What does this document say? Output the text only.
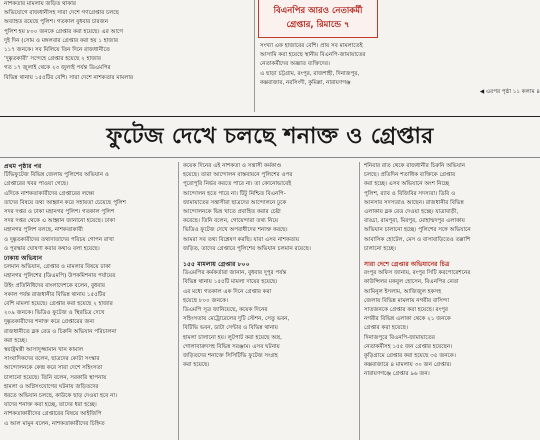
নাশকতার মামলায় জড়িত থাকার

অভিযোগে রাজধানীসহ সারা দেশে গণগ্রেপ্তার চলছে

অব্যাহত রয়েছে পুলিশ। গতকাল বুধবার চারজন

পুলিশ হয় ৮০০ জনকে গ্রেপ্তার করা হয়েছে। এর আগে

দুই দিন (সোম ও মঙ্গলবার গ্রেপ্তার করা হয় ১ হাজার

১১৭ জনকে। সব মিলিয়ে তিন দিনে রাজধানীতে

‘দুষ্কৃতকারী’ সন্দেহে গ্রেপ্তার হয়েছে ২ হাজার

গত ১৭ জুলাই থেকে ২৩ জুলাই পর্যন্ত ডিএমপির

বিভিন্ন থানায় ১৫৫টির বেশি। সারা দেশে নাশকতার মামলার

বিএনপির আরও নেতাকর্মী
গ্রেপ্তার, রিমান্ডে ৭

সংখ্যা এক হাজারের বেশি। প্রায় সব মামলাতেই

আসামি করা হয়েছে স্থানীয় বিএনপি-জামায়াতের

নেতাকর্মীদের অজ্ঞাত ব্যক্তিদের।

এ ছাড়া চট্টগ্রাম, রংপুর, রাজশাহী, দিনাজপুর,

কক্সবাজার, নরসিংদী, কুমিল্লা, নারায়ণগঞ্জ

◀ এরপর পৃষ্ঠা ১১ কলাম ৪

ফুটেজ দেখে চলছে শনাক্ত ও গ্রেপ্তার

প্রথম পৃষ্ঠার পর

টিভিফুটেজ বিভিন্ন জেলায় পুলিশের অভিযান ও

গ্রেপ্তারের খবর পাওয়া গেছে।

এদিকে নাশকতাকারীদের গ্রেপ্তারের লক্ষ্যে

তাদের বিষয়ে তথ্য আহ্বান করে সহায়তা চেয়েছে পুলিশ

সদর দপ্তর ও ঢাকা মহানগর পুলিশ। গতকাল পুলিশ

সদর দপ্তর থেকে এ আহ্বান জানানো হয়েছে। ঢাকা

মহানগর পুলিশ বলছে, নাশকতাকারী

ও দুষ্কৃতকারীদের তথ্যদাতাদের পরিচয় গোপন রাখা

ও পুরস্কার ঘোষণা করার কথাও বলা হয়েছে।

ঢাকায় অভিযান

চলমান অভিযান, গ্রেপ্তার ও মামলার বিষয়ে ঢাকা

মহানগর পুলিশের (ডিএমপি) উপকমিশনার পর্যায়ের

উইং প্রতিনিধিদের বাংলাদেশকে বলেন, বুধবার

সকাল পর্যন্ত রাজধানীর বিভিন্ন থানায় ১৫৫টির

বেশি মামলা হয়েছে। গ্রেপ্তার করা হয়েছে ২ হাজার

২০৯ জনকে। ভিডিও ফুটেজ ও স্থিরচিত্র দেখে

দুষ্কৃতকারীদের শনাক্ত করে গ্রেপ্তারের জন্য

রাজধানীতে ব্লক রেড ও চিরুনি অভিযান পরিচালনা

করা হচ্ছে।

স্বরাষ্ট্রমন্ত্রী আসাদুজ্জামান খান কামাল

সাংবাদিকদের বলেন, ছাত্রদের কোটা সংস্কার

আন্দোলনকে কেন্দ্র করে সারা দেশে সহিংসতা

চালানো হয়েছে। তিনি বলেন, সরকারি স্থাপনায়

হামলা ও অগ্নিসংযোগের ঘটনায় জড়িতদের

ধরতে অভিযান চলছে, কাউকে ছাড় দেওয়া হবে না।

যাদের শনাক্ত করা হচ্ছে, তাদের ধরা হচ্ছে।

নাশকতাকারীদের গ্রেপ্তারের বিষয়ে আইজিপি

এ আল মামুন বলেন, নাশকতাকারীদের চিহ্নিত

কয়েক দিনের এই নাশকতা ও সন্ত্রাসী কর্মকাণ্ড

হয়েছে। তারা আন্দোলন বাস্তবায়নে পুলিশের ওপর

পুরোপুরি নির্ভর করতে পারে না। তা কোনোভাবেই

আন্দোলন হতে পারে না। টিটু নিশ্চিত বিএনপি-

জামায়াতের সন্ত্রাসীরা ছাত্রদের আন্দোলনে ঢুকে

আন্দোলনকে ভিন্ন খাতে প্রবাহিত করার চেষ্টা

করেছে। তিনি বলেন, গোয়েন্দারা তথ্য নিয়ে

ভিডিও ফুটেজ দেখে অপরাধীদের শনাক্ত করছে।

আমরা সব তথ্য বিশ্লেষণ করছি। যারা এসব নাশকতায়

জড়িত, তাদের গ্রেপ্তারে পুলিশের অভিযান চলমান রয়েছে।

১৫৫ মামলায় গ্রেপ্তার ৮০০

ডিএমপির কর্মকর্তারা জানান, বুধবার দুপুর পর্যন্ত

বিভিন্ন থানায় ১৫৫টি মামলা দায়ের হয়েছে।

এর মধ্যে গতকাল এক দিনে গ্রেপ্তার করা

হয়েছে ৮০০ জনকে।

ডিএমপি সূত্র জানিয়েছে, কয়েক দিনের

সহিংসতায় মেট্রোরেলের দুটি স্টেশন, সেতু ভবন,

বিটিভি ভবন, ডাটা সেন্টার ও বিভিন্ন থানায়

হামলা চালানো হয়। লুটপাট করা হয়েছে অস্ত্র,

গোলাবারুদসহ বিভিন্ন সরঞ্জাম। এসব ঘটনায়

জড়িতদের শনাক্তে সিসিটিভি ফুটেজ সংগ্রহ

করা হয়েছে।

শনিবার রাত থেকে রাজধানীর চিরুনি অভিযান

চলছে। প্রতিদিন শতাধিক ব্যক্তিকে গ্রেপ্তার

করা হচ্ছে। এসব অভিযানে অংশ নিচ্ছে

পুলিশ, র‍্যাব ও বিজিবির সদস্যরা। ডিবি ও

আনসার সদস্যরাও আছেন। রাজধানীর বিভিন্ন

এলাকায় ব্লক রেড দেওয়া হচ্ছে। যাত্রাবাড়ী,

বাড্ডা, রামপুরা, মিরপুর, মোহাম্মদপুর এলাকায়

অভিযান চালানো হচ্ছে। পুলিশের সঙ্গে অভিযানে

আবাসিক হোটেল, মেস ও বাসাবাড়িতেও তল্লাশি

চালানো হচ্ছে।

সারা দেশে গ্রেপ্তার অভিযানের চিত্র

রংপুর অফিস জানায়, রংপুর সিটি করপোরেশনের

কাউন্সিলর মকবুল হোসেন, বিএনপির নেতা

আমিনুল ইসলাম, আজিজুল হকসহ

জেলায় বিভিন্ন মামলায় নগরীর বাসিন্দা

সাতজনকে গ্রেপ্তার করা হয়েছে। রংপুর

নগরীর বিভিন্ন এলাকা থেকে ২১ জনকে

গ্রেপ্তার করা হয়েছে।

দিনাজপুরে বিএনপি-জামায়াতের

নেতাকর্মীসহ ১৫৫ জন গ্রেপ্তার হয়েছেন।

কুড়িগ্রামে গ্রেপ্তার করা হয়েছে ৩৫ জনকে।

কক্সবাজারে ৪ মামলায় ৩০ জন গ্রেপ্তার।

নারায়ণগঞ্জে গ্রেপ্তার ৯৬ জন।
